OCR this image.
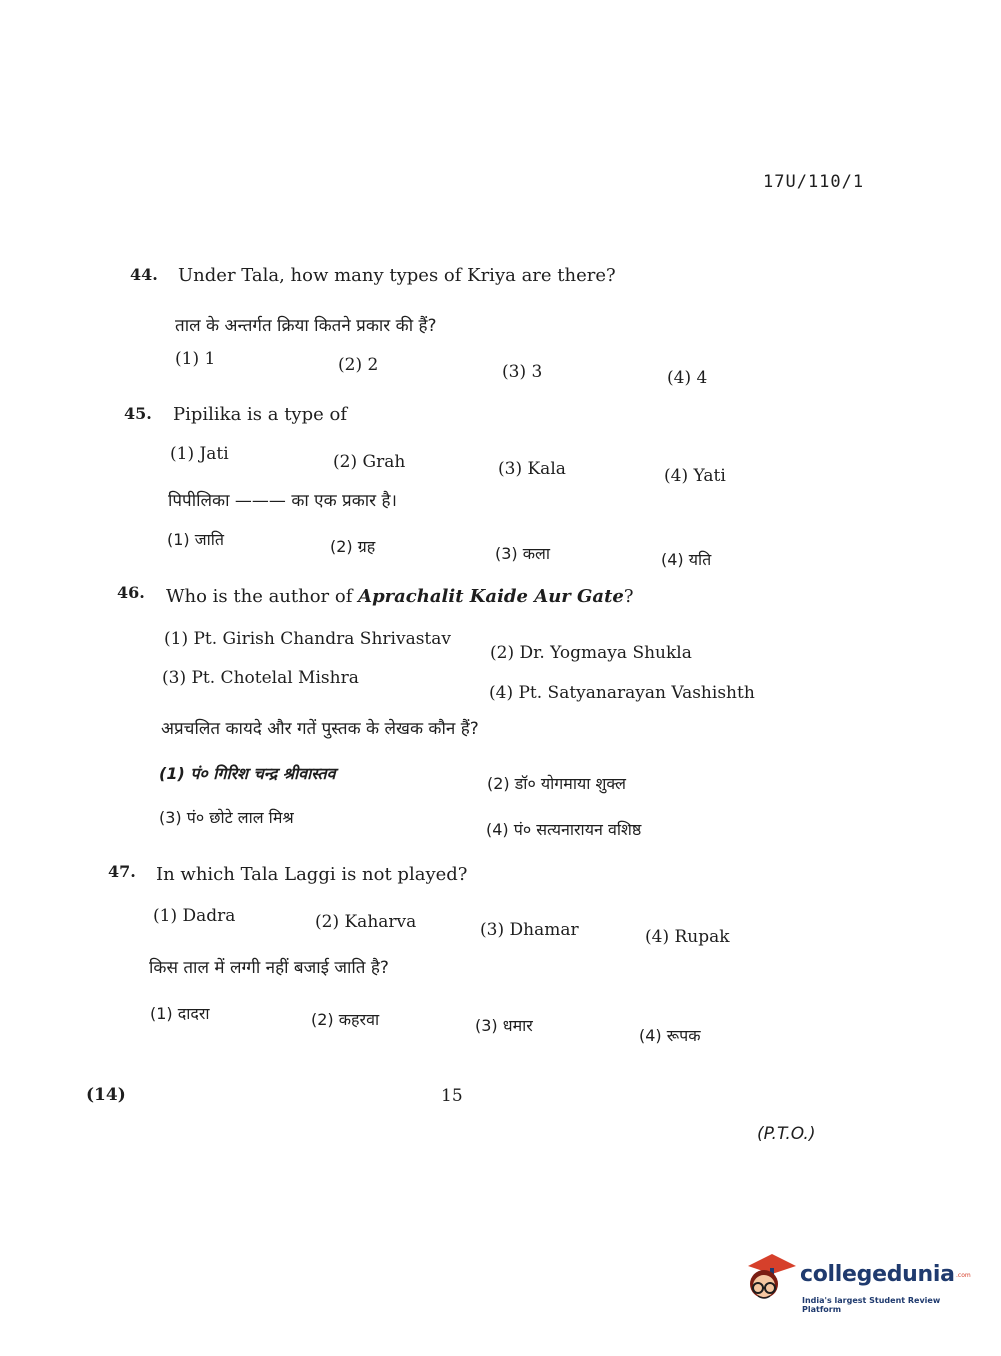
17U/110/1
44. Under Tala, how many types of Kriya are there?
ताल के अन्तर्गत क्रिया कितने प्रकार की हैं?
(1) 1	(2) 2	(3) 3	(4) 4
45. Pipilika is a type of
(1) Jati	(2) Grah	(3) Kala	(4) Yati
पिपीलिका ——— का एक प्रकार है।
(1) जाति	(2) ग्रह	(3) कला	(4) यति
46. Who is the author of Aprachalit Kaide Aur Gate?
(1) Pt. Girish Chandra Shrivastav
(2) Dr. Yogmaya Shukla
(3) Pt. Chotelal Mishra
(4) Pt. Satyanarayan Vashishth
अप्रचलित कायदे और गतें पुस्तक के लेखक कौन हैं?
(1) पं० गिरिश चन्द्र श्रीवास्तव
(2) डॉ० योगमाया शुक्ल
(3) पं० छोटे लाल मिश्र
(4) पं० सत्यनारायन वशिष्ठ
47. In which Tala Laggi is not played?
(1) Dadra	(2) Kaharva	(3) Dhamar	(4) Rupak
किस ताल में लग्गी नहीं बजाई जाति है?
(1) दादरा	(2) कहरवा	(3) धमार
(4) रूपक
(14)	15
(P.T.O.)
collegedunia .com
India's largest Student Review Platform
